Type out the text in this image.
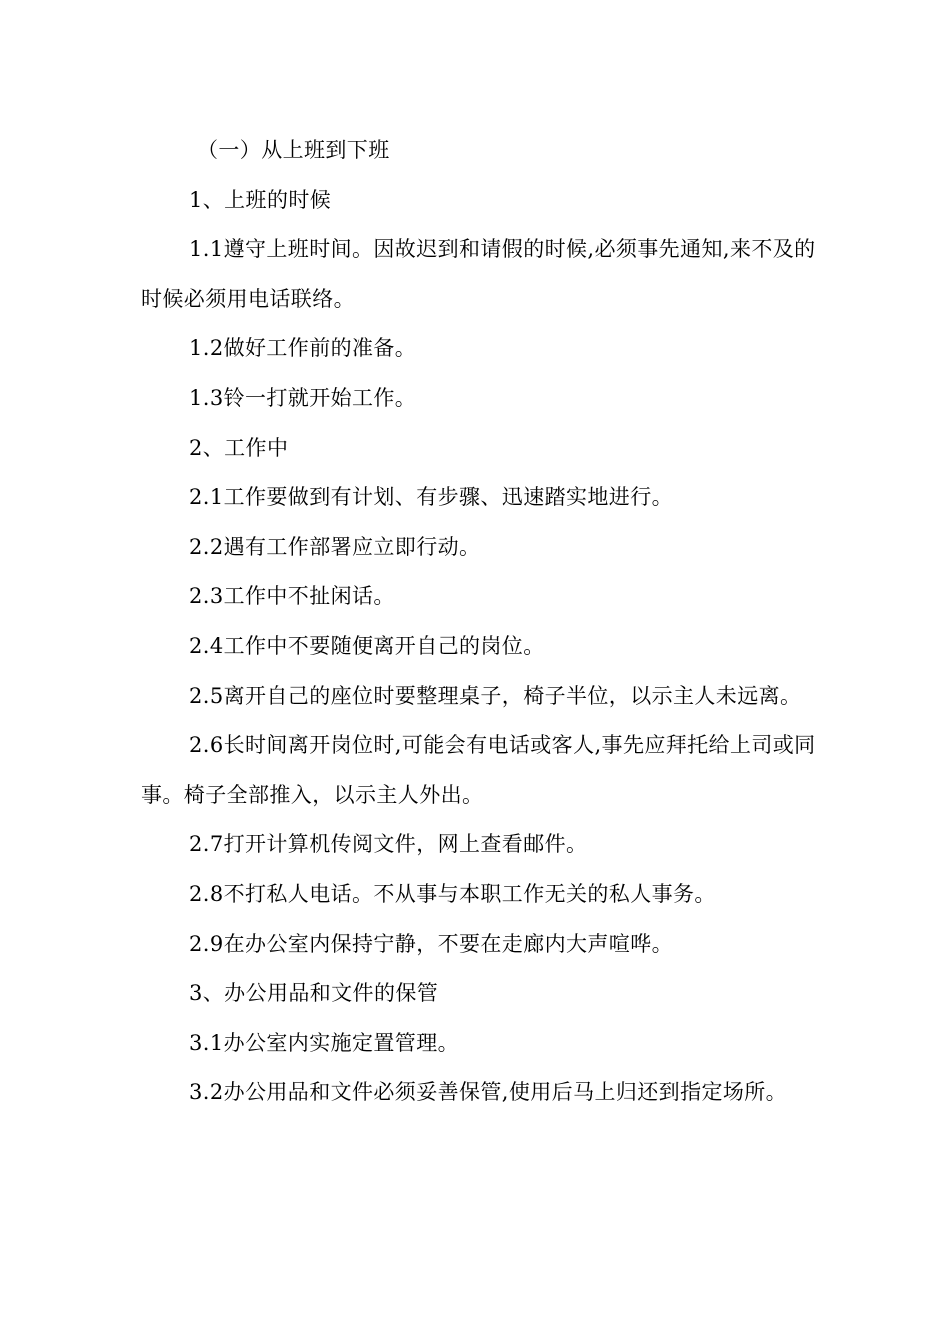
（一）从上班到下班

1、上班的时候

1.1遵守上班时间。因故迟到和请假的时候,必须事先通知,来不及的时候必须用电话联络。

1.2做好工作前的准备。

1.3铃一打就开始工作。

2、工作中

2.1工作要做到有计划、有步骤、迅速踏实地进行。

2.2遇有工作部署应立即行动。

2.3工作中不扯闲话。

2.4工作中不要随便离开自己的岗位。

2.5离开自己的座位时要整理桌子，椅子半位，以示主人未远离。

2.6长时间离开岗位时,可能会有电话或客人,事先应拜托给上司或同事。椅子全部推入，以示主人外出。

2.7打开计算机传阅文件，网上查看邮件。

2.8不打私人电话。不从事与本职工作无关的私人事务。

2.9在办公室内保持宁静，不要在走廊内大声喧哗。

3、办公用品和文件的保管

3.1办公室内实施定置管理。

3.2办公用品和文件必须妥善保管,使用后马上归还到指定场所。
